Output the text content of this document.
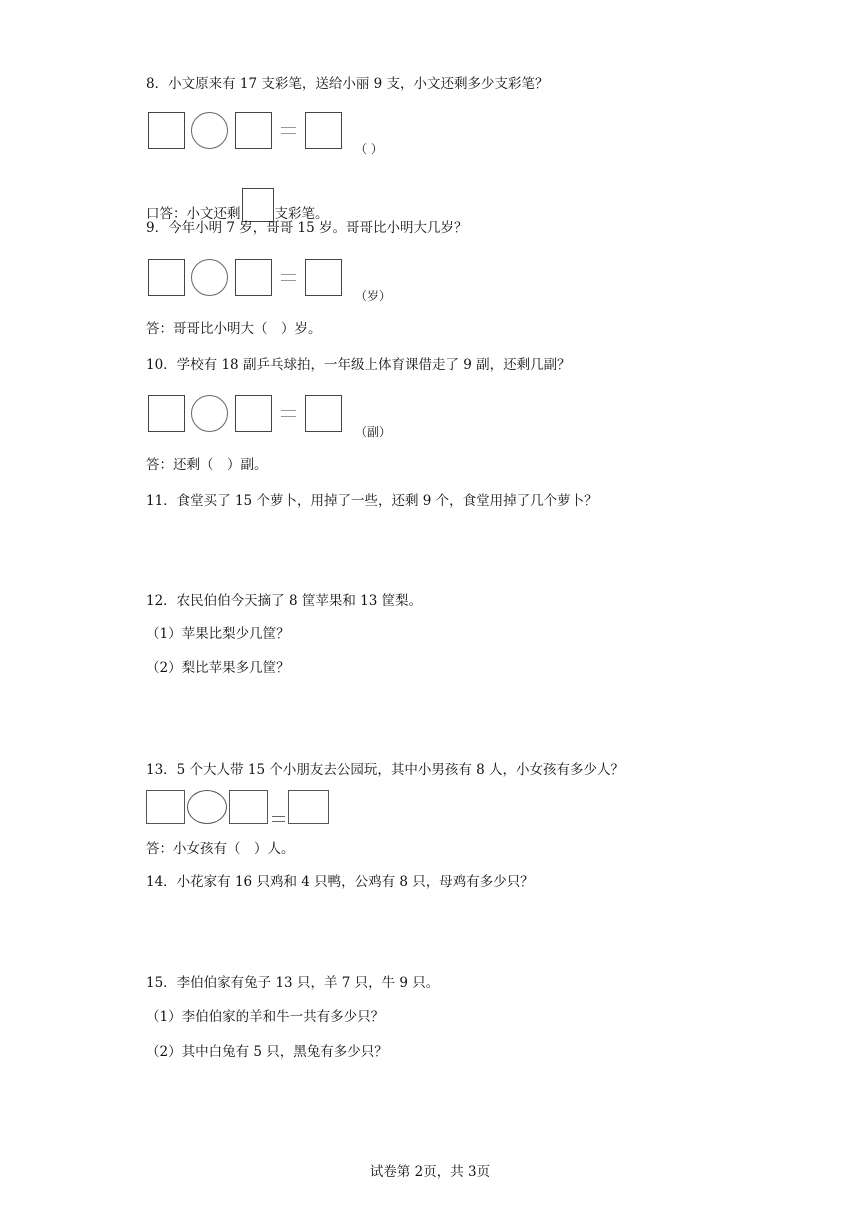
8．小文原来有 17 支彩笔，送给小丽 9 支，小文还剩多少支彩笔？
（ ）
口答：小文还剩	支彩笔。
9．今年小明 7 岁，哥哥 15 岁。哥哥比小明大几岁？
（岁）
答：哥哥比小明大（　）岁。
10．学校有 18 副乒乓球拍，一年级上体育课借走了 9 副，还剩几副？
（副）
答：还剩（　）副。
11．食堂买了 15 个萝卜，用掉了一些，还剩 9 个，食堂用掉了几个萝卜？
12．农民伯伯今天摘了 8 筐苹果和 13 筐梨。
（1）苹果比梨少几筐？
（2）梨比苹果多几筐？
13．5 个大人带 15 个小朋友去公园玩，其中小男孩有 8 人，小女孩有多少人？
答：小女孩有（　）人。
14．小花家有 16 只鸡和 4 只鸭，公鸡有 8 只，母鸡有多少只？
15．李伯伯家有兔子 13 只，羊 7 只，牛 9 只。
（1）李伯伯家的羊和牛一共有多少只？
（2）其中白兔有 5 只，黑兔有多少只？
试卷第 2页，共 3页
